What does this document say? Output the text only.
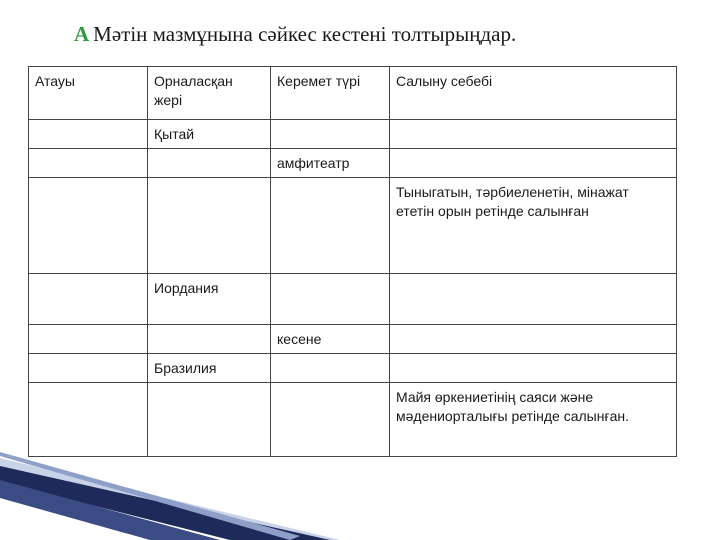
А Мәтін мазмұнына сәйкес кестені толтырыңдар.
Атауы	Орналасқан жері	Керемет түрі	Салыну себебі
	Қытай		
		амфитеатр	
			Тыныгатын, тәрбиеленетін, мінажат ететін орын ретінде салынған
	Иордания		
		кесене	
	Бразилия		
			Майя өркениетінің саяси және мәдениорталығы ретінде салынған.
